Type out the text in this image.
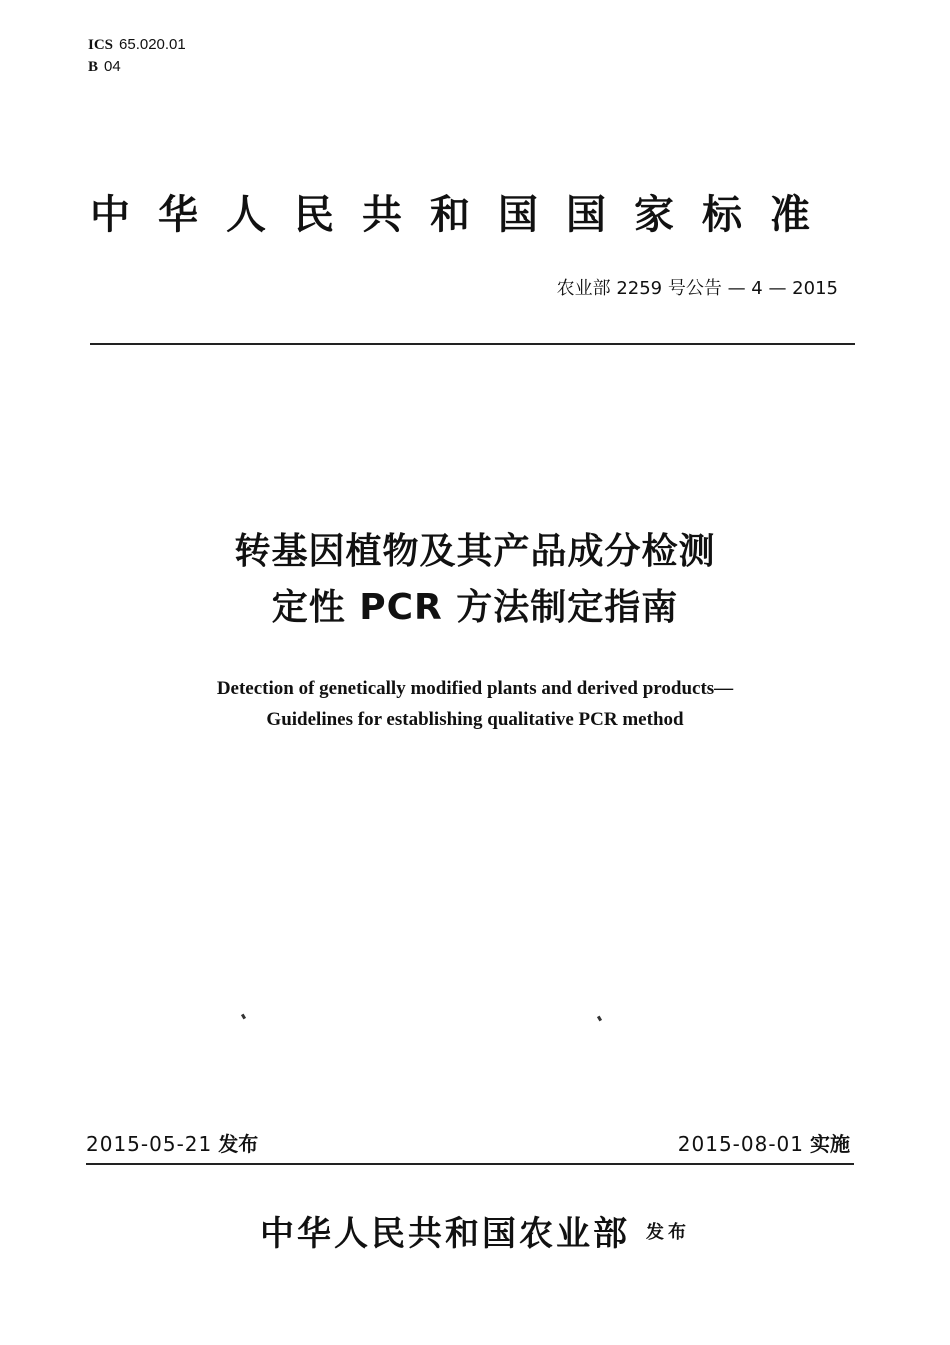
ICS 65.020.01
B 04
中华人民共和国国家标准
农业部 2259 号公告 — 4 — 2015
转基因植物及其产品成分检测
定性 PCR 方法制定指南
Detection of genetically modified plants and derived products—
Guidelines for establishing qualitative PCR method
2015-05-21 发布	2015-08-01 实施
中华人民共和国农业部 发布
